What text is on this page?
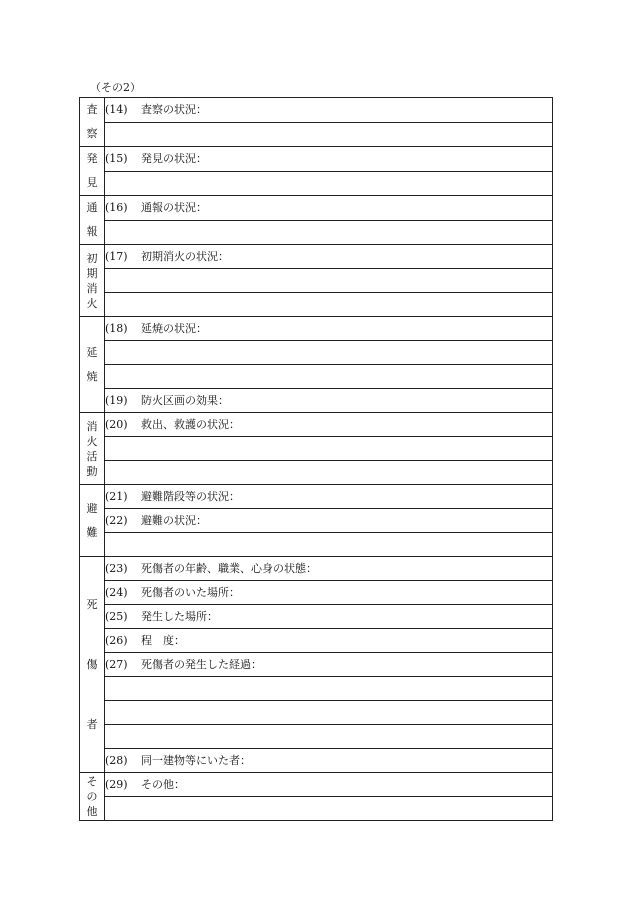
（その2）
査察	(14) 査察の状況：

発見	(15) 発見の状況：

通報	(16) 通報の状況：

初期消火	(17) 初期消火の状況：

延焼	(18) 延焼の状況：

	(19) 防火区画の効果：
消火活動	(20) 救出、救護の状況：

避難	(21) 避難階段等の状況：
	(22) 避難の状況：

死傷者	(23) 死傷者の年齢、職業、心身の状態：
	(24) 死傷者のいた場所：
	(25) 発生した場所：
	(26) 程　度：
	(27) 死傷者の発生した経過：

	(28) 同一建物等にいた者：
その他	(29) その他：
